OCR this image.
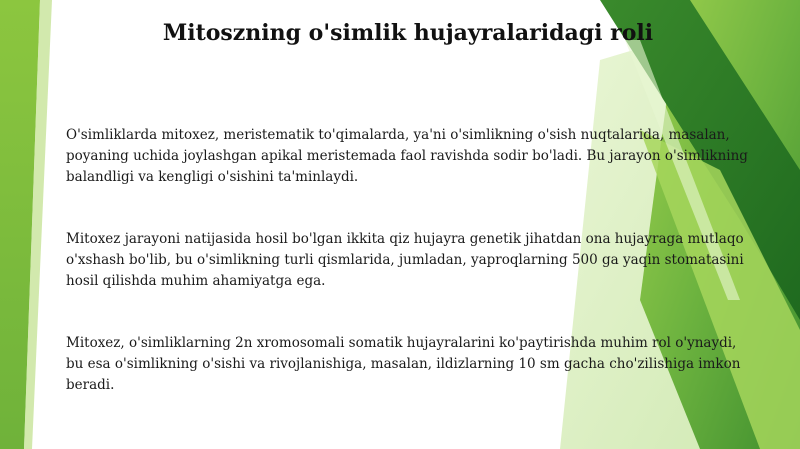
Mitoszning o'simlik hujayralaridagi roli
O'simliklarda mitoxez, meristematik to'qimalarda, ya'ni o'simlikning o'sish nuqtalarida, masalan, poyaning uchida joylashgan apikal meristemada faol ravishda sodir bo'ladi. Bu jarayon o'simlikning balandligi va kengligi o'sishini ta'minlaydi.
Mitoxez jarayoni natijasida hosil bo'lgan ikkita qiz hujayra genetik jihatdan ona hujayraga mutlaqo o'xshash bo'lib, bu o'simlikning turli qismlarida, jumladan, yaproqlarning 500 ga yaqin stomatasini hosil qilishda muhim ahamiyatga ega.
Mitoxez, o'simliklarning 2n xromosomali somatik hujayralarini ko'paytirishda muhim rol o'ynaydi, bu esa o'simlikning o'sishi va rivojlanishiga, masalan, ildizlarning 10 sm gacha cho'zilishiga imkon beradi.
